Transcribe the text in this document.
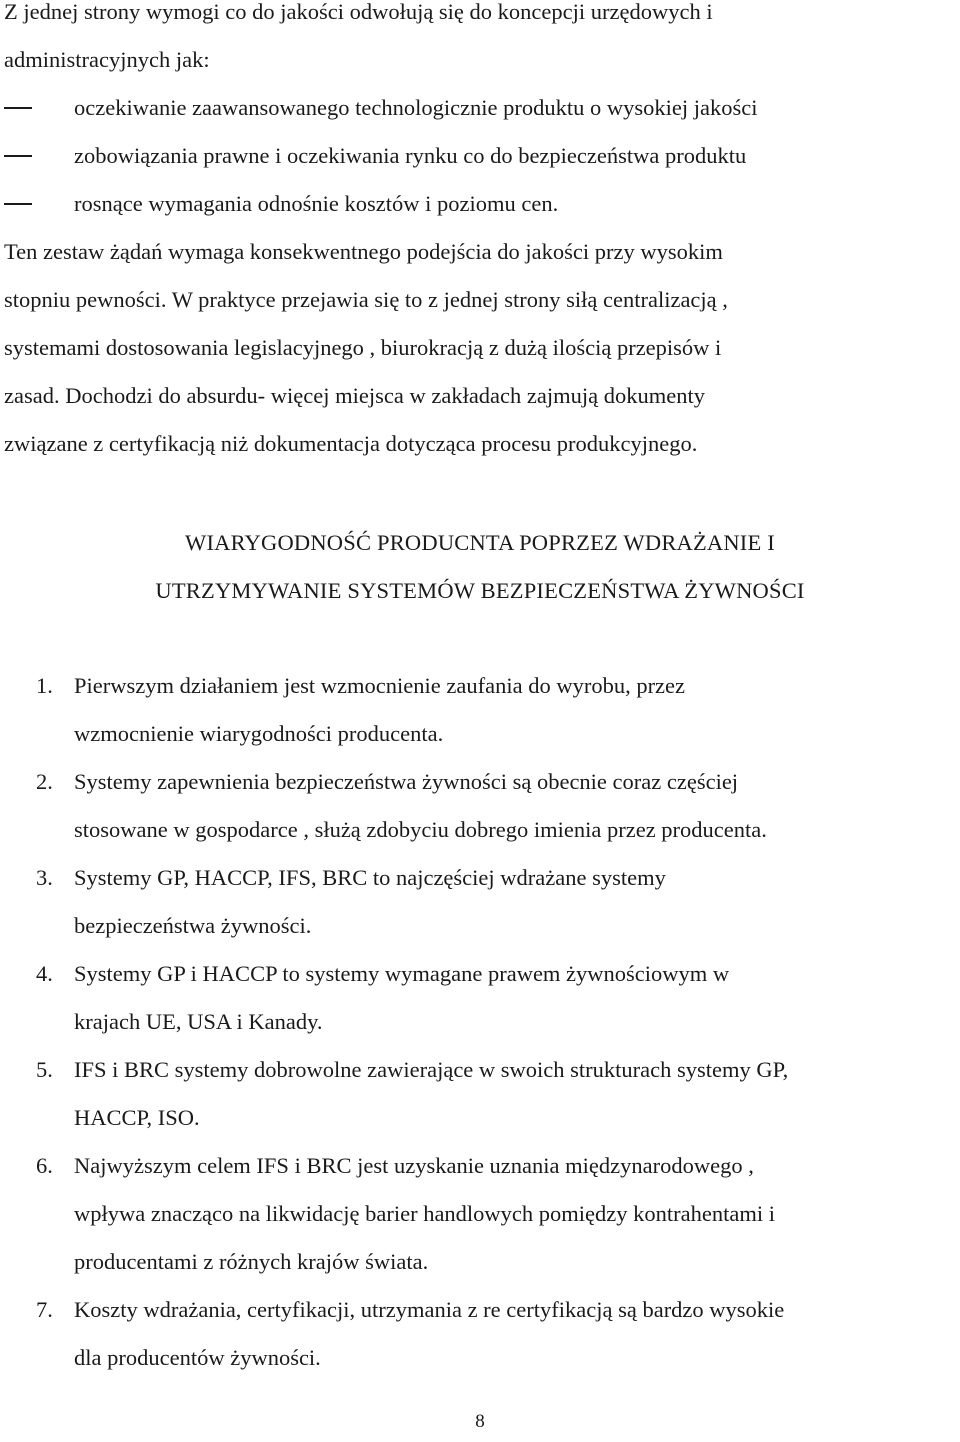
Z jednej strony wymogi co do jakości odwołują się do koncepcji urzędowych i

administracyjnych jak:

oczekiwanie zaawansowanego technologicznie produktu o wysokiej jakości
zobowiązania prawne i oczekiwania rynku co do bezpieczeństwa produktu
rosnące wymagania odnośnie kosztów i poziomu cen.

Ten zestaw żądań wymaga konsekwentnego podejścia do jakości przy wysokim
stopniu pewności. W praktyce przejawia się to z jednej strony siłą centralizacją ,
systemami dostosowania legislacyjnego , biurokracją z dużą ilością przepisów i
zasad. Dochodzi do absurdu- więcej miejsca w zakładach zajmują dokumenty
związane z certyfikacją niż dokumentacja dotycząca procesu produkcyjnego.

WIARYGODNOŚĆ PRODUCNTA POPRZEZ WDRAŻANIE I
UTRZYMYWANIE SYSTEMÓW BEZPIECZEŃSTWA ŻYWNOŚCI
1. Pierwszym działaniem jest wzmocnienie zaufania do wyrobu, przez
wzmocnienie wiarygodności producenta.
2. Systemy zapewnienia bezpieczeństwa żywności są obecnie coraz częściej
stosowane w gospodarce , służą zdobyciu dobrego imienia przez producenta.
3. Systemy GP, HACCP, IFS, BRC to najczęściej wdrażane systemy
bezpieczeństwa żywności.
4. Systemy GP i HACCP to systemy wymagane prawem żywnościowym w
krajach UE, USA i Kanady.
5. IFS i BRC systemy dobrowolne zawierające w swoich strukturach systemy GP,
HACCP, ISO.
6. Najwyższym celem IFS i BRC jest uzyskanie uznania międzynarodowego ,
wpływa znacząco na likwidację barier handlowych pomiędzy kontrahentami i
producentami z różnych krajów świata.
7. Koszty wdrażania, certyfikacji, utrzymania z re certyfikacją są bardzo wysokie
dla producentów żywności.
8
